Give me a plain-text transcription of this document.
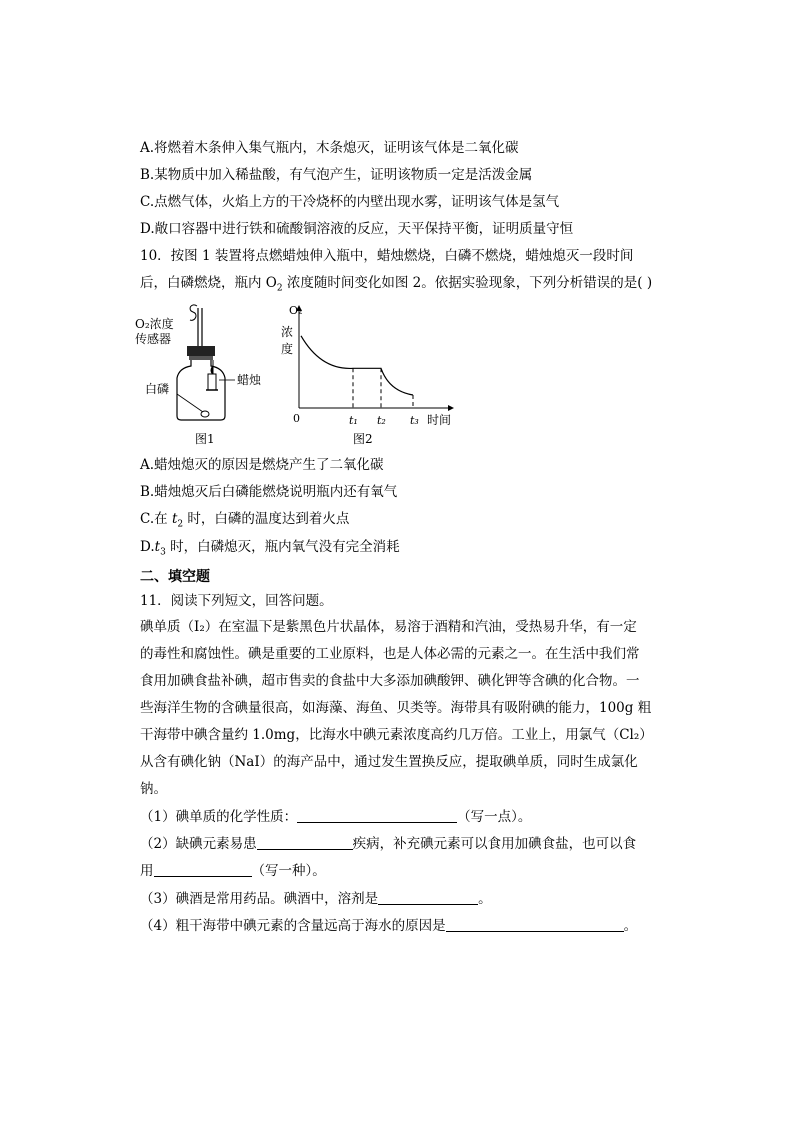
A.将燃着木条伸入集气瓶内，木条熄灭，证明该气体是二氧化碳
B.某物质中加入稀盐酸，有气泡产生，证明该物质一定是活泼金属
C.点燃气体，火焰上方的干冷烧杯的内壁出现水雾，证明该气体是氢气
D.敞口容器中进行铁和硫酸铜溶液的反应，天平保持平衡，证明质量守恒
10．按图 1 装置将点燃蜡烛伸入瓶中，蜡烛燃烧，白磷不燃烧，蜡烛熄灭一段时间
后，白磷燃烧，瓶内 $O_2$ 浓度随时间变化如图 2。依据实验现象，下列分析错误的是( )
O₂浓度
传感器
白磷
蜡烛
图1
O₂
浓
度
0	t₁ t₂ t₃ 时间
图2
A.蜡烛熄灭的原因是燃烧产生了二氧化碳
B.蜡烛熄灭后白磷能燃烧说明瓶内还有氧气
C.在 $t_2$ 时，白磷的温度达到着火点
$D.t_3$ 时，白磷熄灭，瓶内氧气没有完全消耗
二、填空题
11．阅读下列短文，回答问题。
碘单质（I₂）在室温下是紫黑色片状晶体，易溶于酒精和汽油，受热易升华，有一定
的毒性和腐蚀性。碘是重要的工业原料，也是人体必需的元素之一。在生活中我们常
食用加碘食盐补碘，超市售卖的食盐中大多添加碘酸钾、碘化钾等含碘的化合物。一
些海洋生物的含碘量很高，如海藻、海鱼、贝类等。海带具有吸附碘的能力，100g 粗
干海带中碘含量约 1.0mg，比海水中碘元素浓度高约几万倍。工业上，用氯气（Cl₂）
从含有碘化钠（NaI）的海产品中，通过发生置换反应，提取碘单质，同时生成氯化
钠。
（1）碘单质的化学性质：	（写一点）。
（2）缺碘元素易患	疾病，补充碘元素可以食用加碘食盐，也可以食
用	（写一种）。
（3）碘酒是常用药品。碘酒中，溶剂是	。
（4）粗干海带中碘元素的含量远高于海水的原因是	。
